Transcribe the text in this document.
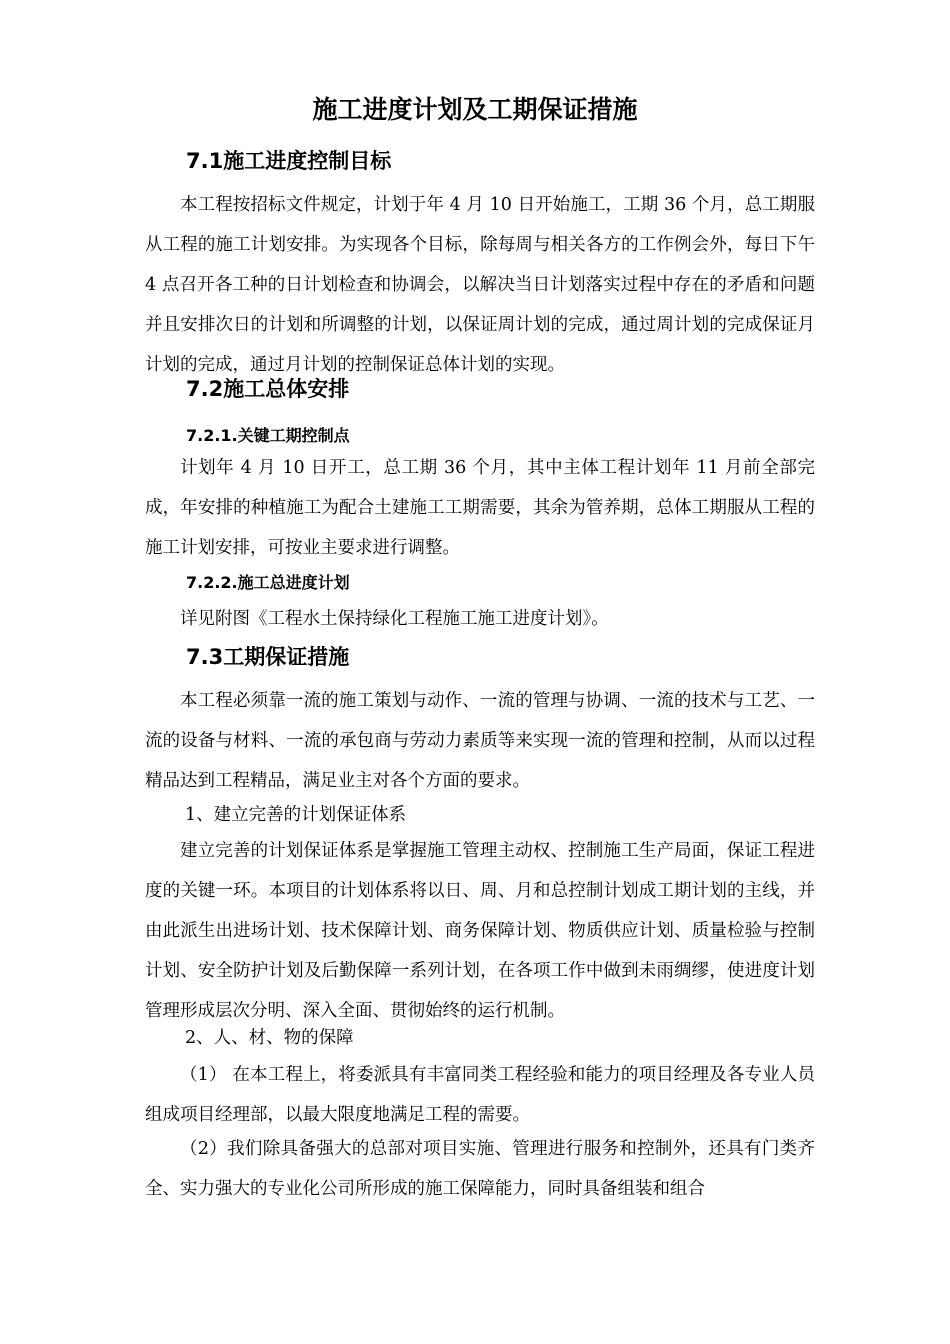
施工进度计划及工期保证措施
7.1施工进度控制目标

本工程按招标文件规定，计划于年 4 月 10 日开始施工，工期 36 个月，总工期服从工程的施工计划安排。为实现各个目标，除每周与相关各方的工作例会外，每日下午 4 点召开各工种的日计划检查和协调会，以解决当日计划落实过程中存在的矛盾和问题并且安排次日的计划和所调整的计划，以保证周计划的完成，通过周计划的完成保证月计划的完成，通过月计划的控制保证总体计划的实现。

7.2施工总体安排
7.2.1.关键工期控制点

计划年 4 月 10 日开工，总工期 36 个月，其中主体工程计划年 11 月前全部完成，年安排的种植施工为配合土建施工工期需要，其余为管养期，总体工期服从工程的施工计划安排，可按业主要求进行调整。

7.2.2.施工总进度计划

详见附图《工程水土保持绿化工程施工施工进度计划》。

7.3工期保证措施

本工程必须靠一流的施工策划与动作、一流的管理与协调、一流的技术与工艺、一流的设备与材料、一流的承包商与劳动力素质等来实现一流的管理和控制，从而以过程精品达到工程精品，满足业主对各个方面的要求。

1、建立完善的计划保证体系

建立完善的计划保证体系是掌握施工管理主动权、控制施工生产局面，保证工程进度的关键一环。本项目的计划体系将以日、周、月和总控制计划成工期计划的主线，并由此派生出进场计划、技术保障计划、商务保障计划、物质供应计划、质量检验与控制计划、安全防护计划及后勤保障一系列计划，在各项工作中做到未雨绸缪，使进度计划管理形成层次分明、深入全面、贯彻始终的运行机制。

2、人、材、物的保障

（1） 在本工程上，将委派具有丰富同类工程经验和能力的项目经理及各专业人员组成项目经理部，以最大限度地满足工程的需要。

（2）我们除具备强大的总部对项目实施、管理进行服务和控制外，还具有门类齐全、实力强大的专业化公司所形成的施工保障能力，同时具备组装和组合
